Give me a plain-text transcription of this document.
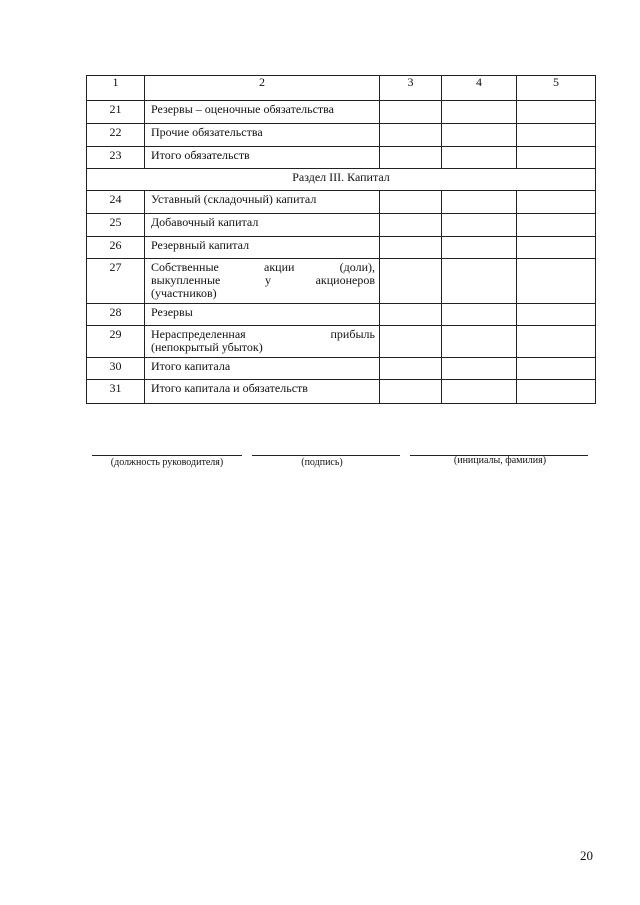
1	2	3	4	5

21	Резервы – оценочные обязательства			

22	Прочие обязательства			

23	Итого обязательств			

Раздел III. Капитал				

24	Уставный (складочный) капитал			

25	Добавочный капитал			

26	Резервный капитал			

27	Собственные акции (доли),
выкупленные у акционеров
(участников)			

28	Резервы			

29	Нераспределенная прибыль
(непокрытый убыток)			

30	Итого капитала			

31	Итого капитала и обязательств			

(должность руководителя)	(подпись)	(инициалы, фамилия)
20
